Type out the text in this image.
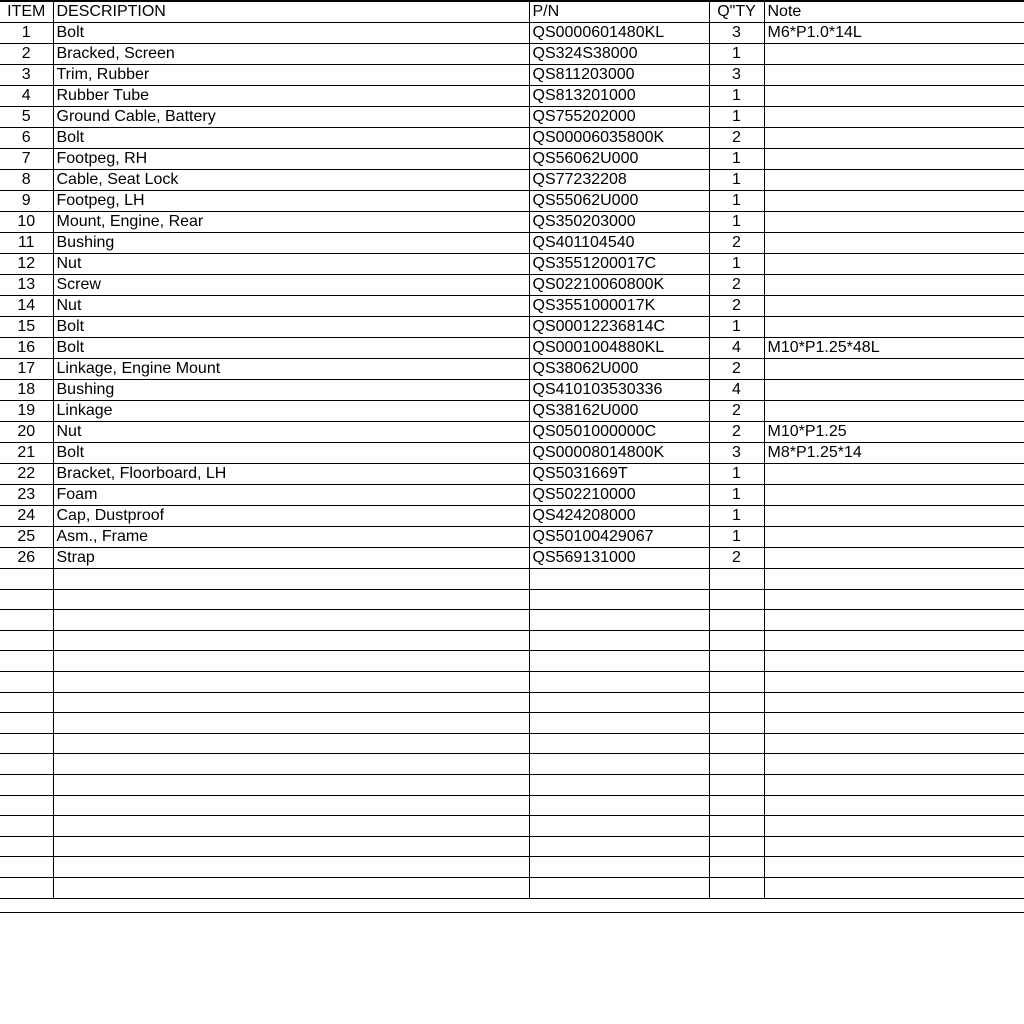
ITEM	DESCRIPTION	P/N	Q"TY	Note
1	Bolt	QS0000601480KL	3	M6*P1.0*14L
2	Bracked, Screen	QS324S38000	1	
3	Trim, Rubber	QS811203000	3	
4	Rubber Tube	QS813201000	1	
5	Ground Cable, Battery	QS755202000	1	
6	Bolt	QS00006035800K	2	
7	Footpeg, RH	QS56062U000	1	
8	Cable, Seat Lock	QS77232208	1	
9	Footpeg, LH	QS55062U000	1	
10	Mount, Engine, Rear	QS350203000	1	
11	Bushing	QS401104540	2	
12	Nut	QS3551200017C	1	
13	Screw	QS02210060800K	2	
14	Nut	QS3551000017K	2	
15	Bolt	QS00012236814C	1	
16	Bolt	QS0001004880KL	4	M10*P1.25*48L
17	Linkage, Engine Mount	QS38062U000	2	
18	Bushing	QS410103530336	4	
19	Linkage	QS38162U000	2	
20	Nut	QS0501000000C	2	M10*P1.25
21	Bolt	QS00008014800K	3	M8*P1.25*14
22	Bracket, Floorboard, LH	QS5031669T	1	
23	Foam	QS502210000	1	
24	Cap, Dustproof	QS424208000	1	
25	Asm., Frame	QS50100429067	1	
26	Strap	QS569131000	2	
